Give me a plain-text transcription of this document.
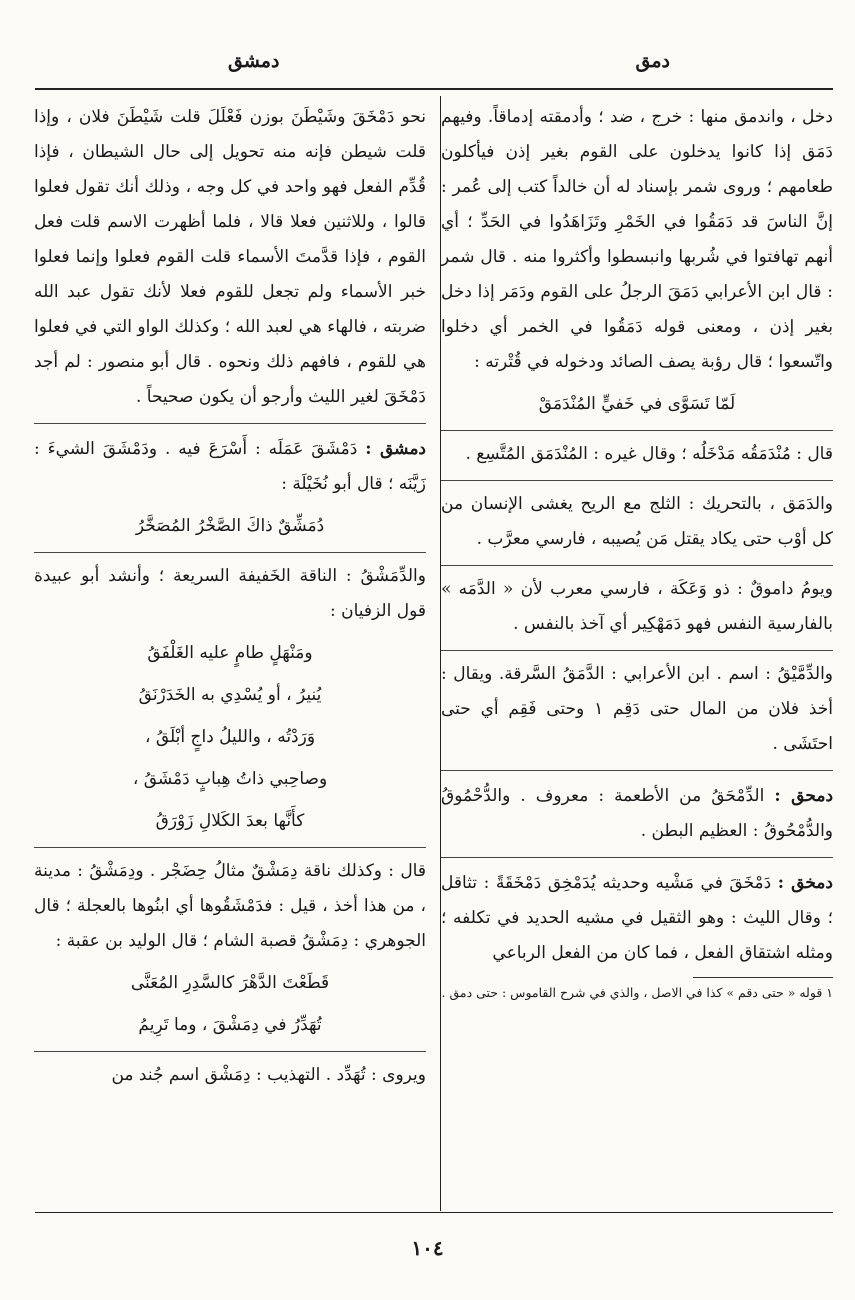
دمق
دمشق

دخل ، واندمق منها : خرج ، ضد ؛ وأدمقته إدماقاً. وفيهم دَمَق إذا كانوا يدخلون على القوم بغير إذن فيأكلون طعامهم ؛ وروى شمر بإسناد له أن خالداً كتب إلى عُمر : إنَّ الناسَ قد دَمَقُوا في الخَمْرِ وتَزَاهَدُوا في الحَدِّ ؛ أي أنهم تهافتوا في شُربها وانبسطوا وأكثروا منه . قال شمر : قال ابن الأعرابي دَمَقَ الرجلُ على القوم ودَمَر إذا دخل بغير إذن ، ومعنى قوله دَمَقُوا في الخمر أي دخلوا واتّسعوا ؛ قال رؤبة يصف الصائد ودخوله في قُتْرته :

لَمّا تَسَوَّى في خَفيٍّ المُنْدَمَقْ

قال : مُنْدَمَقُه مَدْخَلُه ؛ وقال غيره : المُنْدَمَق المُتَّسِع .

والدَمَق ، بالتحريك : الثلج مع الريح يغشى الإنسان من كل أوْب حتى يكاد يقتل مَن يُصيبه ، فارسي معرَّب .

ويومُ داموقٌ : ذو وَعَكَة ، فارسي معرب لأن « الدَّمَه » بالفارسية النفس فهو دَمَهْكِير أي آخذ بالنفس .

والدِّمَّيْقُ : اسم . ابن الأعرابي : الدَّمَقُ السَّرقة. ويقال : أخذ فلان من المال حتى دَقِم ١ وحتى فَقِم أي حتى احتَشَى .

دمحق : الدِّمْحَقُ من الأطعمة : معروف . والدُّحْمُوقُ والدُّمْحُوقُ : العظيم البطن .

دمخق : دَمْخَقَ في مَشْيه وحديثه يُدَمْخِق دَمْخَقَةً : تثاقل ؛ وقال الليث : وهو الثقيل في مشيه الحديد في تكلفه ؛ ومثله اشتقاق الفعل ، فما كان من الفعل الرباعي

١ قوله « حتى دقم » كذا في الاصل ، والذي في شرح القاموس : حتى دمق .

نحو دَمْخَقَ وشَيْطَنَ بوزن فَعْلَلَ قلت شَيْطَنَ فلان ، وإذا قلت شيطن فإنه منه تحويل إلى حال الشيطان ، فإذا قُدِّم الفعل فهو واحد في كل وجه ، وذلك أنك تقول فعلوا قالوا ، وللاثنين فعلا قالا ، فلما أظهرت الاسم قلت فعل القوم ، فإذا قدَّمتَ الأسماء قلت القوم فعلوا وإنما فعلوا خبر الأسماء ولم تجعل للقوم فعلا لأنك تقول عبد الله ضربته ، فالهاء هي لعبد الله ؛ وكذلك الواو التي في فعلوا هي للقوم ، فافهم ذلك ونحوه . قال أبو منصور : لم أجد دَمْخَقَ لغير الليث وأرجو أن يكون صحيحاً .

دمشق : دَمْشَقَ عَمَلَه : أَسْرَعَ فيه . ودَمْشَقَ الشيءَ : زَيَّنَه ؛ قال أبو نُخَيْلَة :

دُمَشِّقٌ ذاكَ الصَّخْرُ المُصَخَّرُ

والدِّمَشْقُ : الناقة الخَفيفة السريعة ؛ وأنشد أبو عبيدة قول الزفيان :

ومَنْهَلٍ طامٍ عليه الغَلْفَقُ
يُنيرُ ، أو يُسْدِي به الخَدَرْنَقُ
وَرَدْتُه ، والليلُ داجٍ أبْلَقُ ،
وصاحِبي ذاتُ هِبابٍ دَمْشَقُ ،
كأَنَّها بعدَ الكَلالِ زَوْرَقُ

قال : وكذلك ناقة دِمَشْقٌ مثالُ حِضَجْر . ودِمَشْقُ : مدينة ، من هذا أخذ ، قيل : فدَمْشَقُوها أي ابنُوها بالعجلة ؛ قال الجوهري : دِمَشْقُ قصبة الشام ؛ قال الوليد بن عقبة :

قَطَعْتَ الدَّهْرَ كالسَّدِرِ المُعَنَّى
تُهَدِّرُ في دِمَشْقَ ، وما تَرِيمُ

ويروى : تُهَدِّد . التهذيب : دِمَشْق اسم جُند من

١٠٤
